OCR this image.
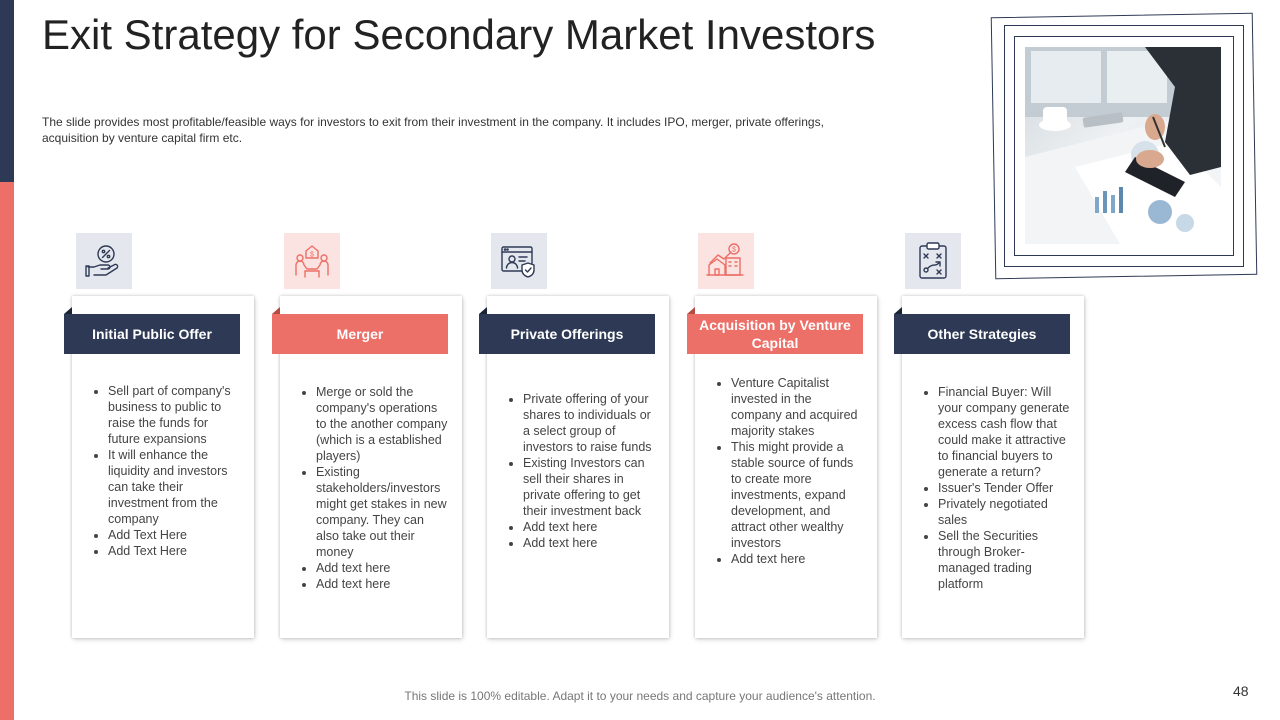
Exit Strategy for Secondary Market Investors

The slide provides most profitable/feasible ways for investors to exit from their investment in the company. It includes IPO, merger, private offerings, acquisition by venture capital firm etc.

Initial Public Offer
• Sell part of company's business to public to raise the funds for future expansions
• It will enhance the liquidity and investors can take their investment from the company
• Add Text Here
• Add Text Here
$
Merger
• Merge or sold the company's operations to the another company (which is a established players)
• Existing stakeholders/investors might get stakes in new company. They can also take out their money
• Add text here
• Add text here
Private Offerings
• Private offering of your shares to individuals or a select group of investors to raise funds
• Existing Investors can sell their shares in private offering to get their investment back
• Add text here
• Add text here
$
Acquisition by Venture Capital
• Venture Capitalist invested in the company and acquired majority stakes
• This might provide a stable source of funds to create more investments, expand development, and attract other wealthy investors
• Add text here
Other Strategies
• Financial Buyer: Will your company generate excess cash flow that could make it attractive to financial buyers to generate a return?
• Issuer's Tender Offer
• Privately negotiated sales
• Sell the Securities through Broker-managed trading platform
This slide is 100% editable. Adapt it to your needs and capture your audience's attention.	48
